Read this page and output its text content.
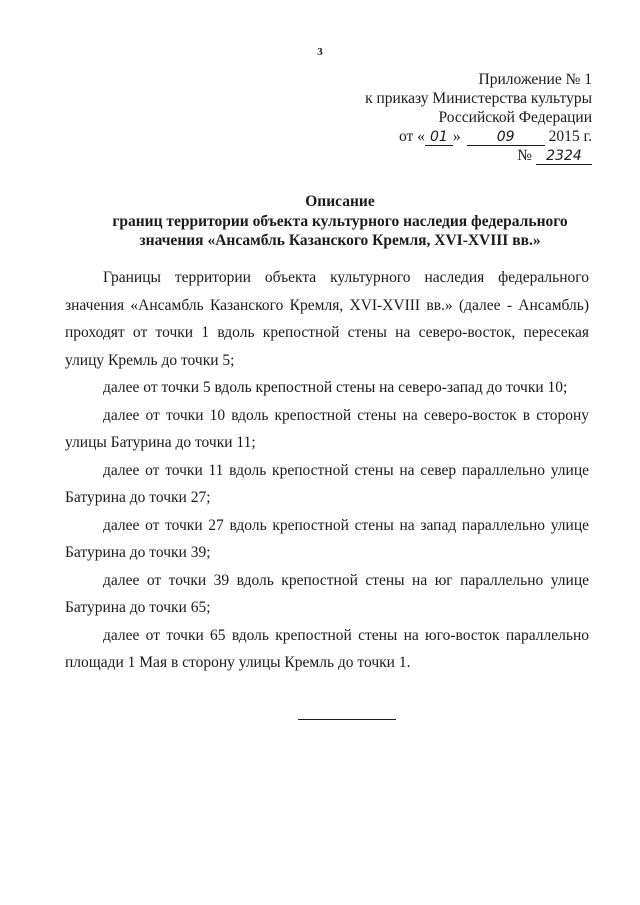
3
Приложение № 1
к приказу Министерства культуры
Российской Федерации
от « 01 »	09 2015 г.
№ 2324
Описание
границ территории объекта культурного наследия федерального
значения «Ансамбль Казанского Кремля, XVI-XVIII вв.»

Границы территории объекта культурного наследия федерального значения «Ансамбль Казанского Кремля, XVI-XVIII вв.» (далее - Ансамбль) проходят от точки 1 вдоль крепостной стены на северо-восток, пересекая улицу Кремль до точки 5;

далее от точки 5 вдоль крепостной стены на северо-запад до точки 10;

далее от точки 10 вдоль крепостной стены на северо-восток в сторону улицы Батурина до точки 11;

далее от точки 11 вдоль крепостной стены на север параллельно улице Батурина до точки 27;

далее от точки 27 вдоль крепостной стены на запад параллельно улице Батурина до точки 39;

далее от точки 39 вдоль крепостной стены на юг параллельно улице Батурина до точки 65;

далее от точки 65 вдоль крепостной стены на юго-восток параллельно площади 1 Мая в сторону улицы Кремль до точки 1.
